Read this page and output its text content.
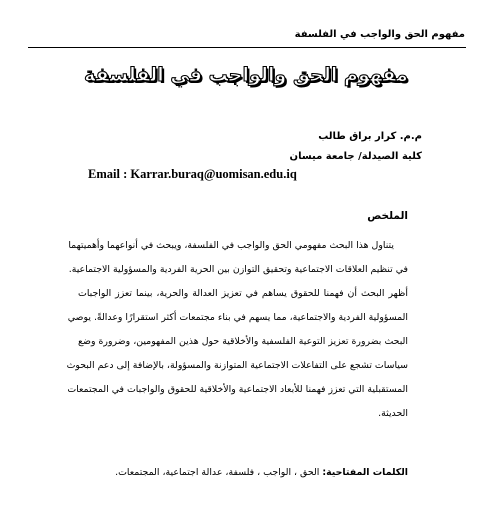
مفهوم الحق والواجب في الفلسفة
مفهوم الحق والواجب في الفلسفة
م.م. كرار براق طالب
كلية الصيدلة/ جامعة ميسان
Email : Karrar.buraq@uomisan.edu.iq
الملخص
يتناول هذا البحث مفهومي الحق والواجب في الفلسفة، ويبحث في أنواعهما وأهميتهما
في تنظيم العلاقات الاجتماعية وتحقيق التوازن بين الحرية الفردية والمسؤولية الاجتماعية.
أظهر البحث أن فهمنا للحقوق يساهم في تعزيز العدالة والحرية، بينما تعزز الواجبات
المسؤولية الفردية والاجتماعية، مما يسهم في بناء مجتمعات أكثر استقرارًا وعدالةً. يوصي
البحث بضرورة تعزيز التوعية الفلسفية والأخلاقية حول هذين المفهومين، وضرورة وضع
سياسات تشجع على التفاعلات الاجتماعية المتوازنة والمسؤولة، بالإضافة إلى دعم البحوث
المستقبلية التي تعزز فهمنا للأبعاد الاجتماعية والأخلاقية للحقوق والواجبات في المجتمعات
الحديثة.
الكلمات المفتاحية: الحق ، الواجب ، فلسفة، عدالة اجتماعية، المجتمعات.
